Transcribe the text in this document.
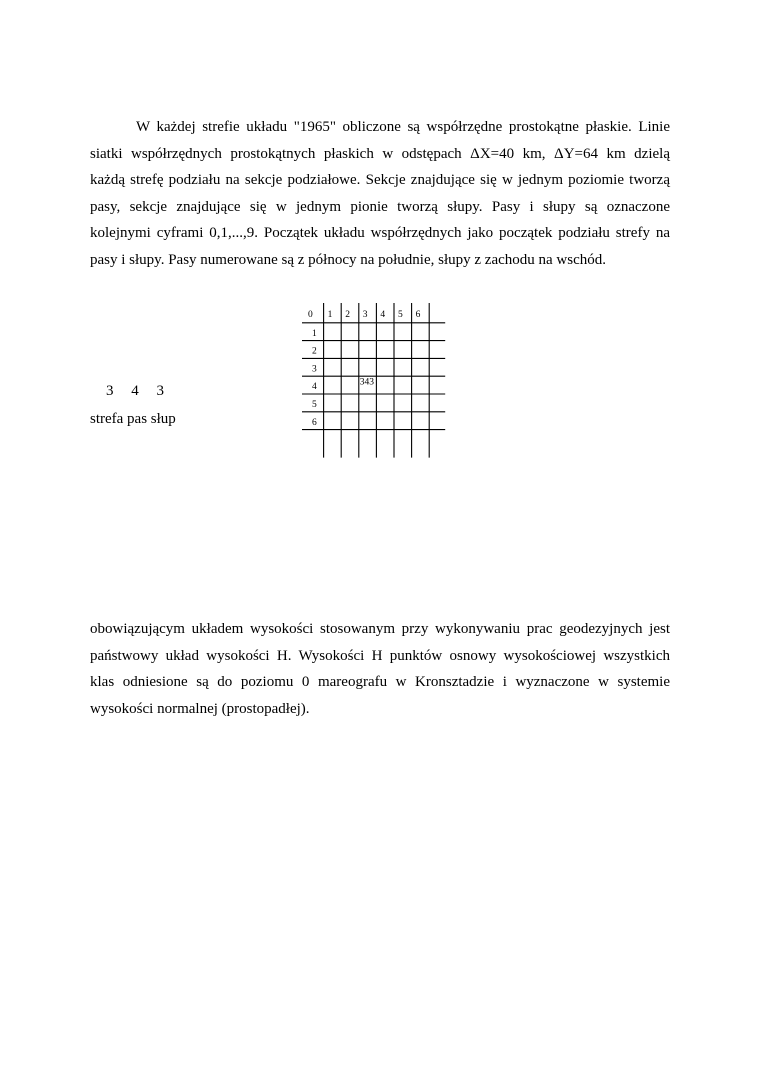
W każdej strefie układu "1965" obliczone są współrzędne prostokątne płaskie. Linie
siatki współrzędnych prostokątnych płaskich w odstępach ΔX=40 km, ΔY=64 km dzielą
każdą strefę podziału na sekcje podziałowe. Sekcje znajdujące się w jednym poziomie tworzą
pasy, sekcje znajdujące się w jednym pionie tworzą słupy. Pasy i słupy są oznaczone
kolejnymi cyframi 0,1,...,9. Początek układu współrzędnych jako początek podziału strefy na
pasy i słupy. Pasy numerowane są z północy na południe, słupy z zachodu na wschód.

3 4 3

strefa pas słup

0 1 2 3 4 5 6
1
2
3
4
5
6
343
obowiązującym układem wysokości stosowanym przy wykonywaniu prac geodezyjnych jest
państwowy układ wysokości H. Wysokości H punktów osnowy wysokościowej wszystkich
klas odniesione są do poziomu 0 mareografu w Kronsztadzie i wyznaczone w systemie
wysokości normalnej (prostopadłej).
